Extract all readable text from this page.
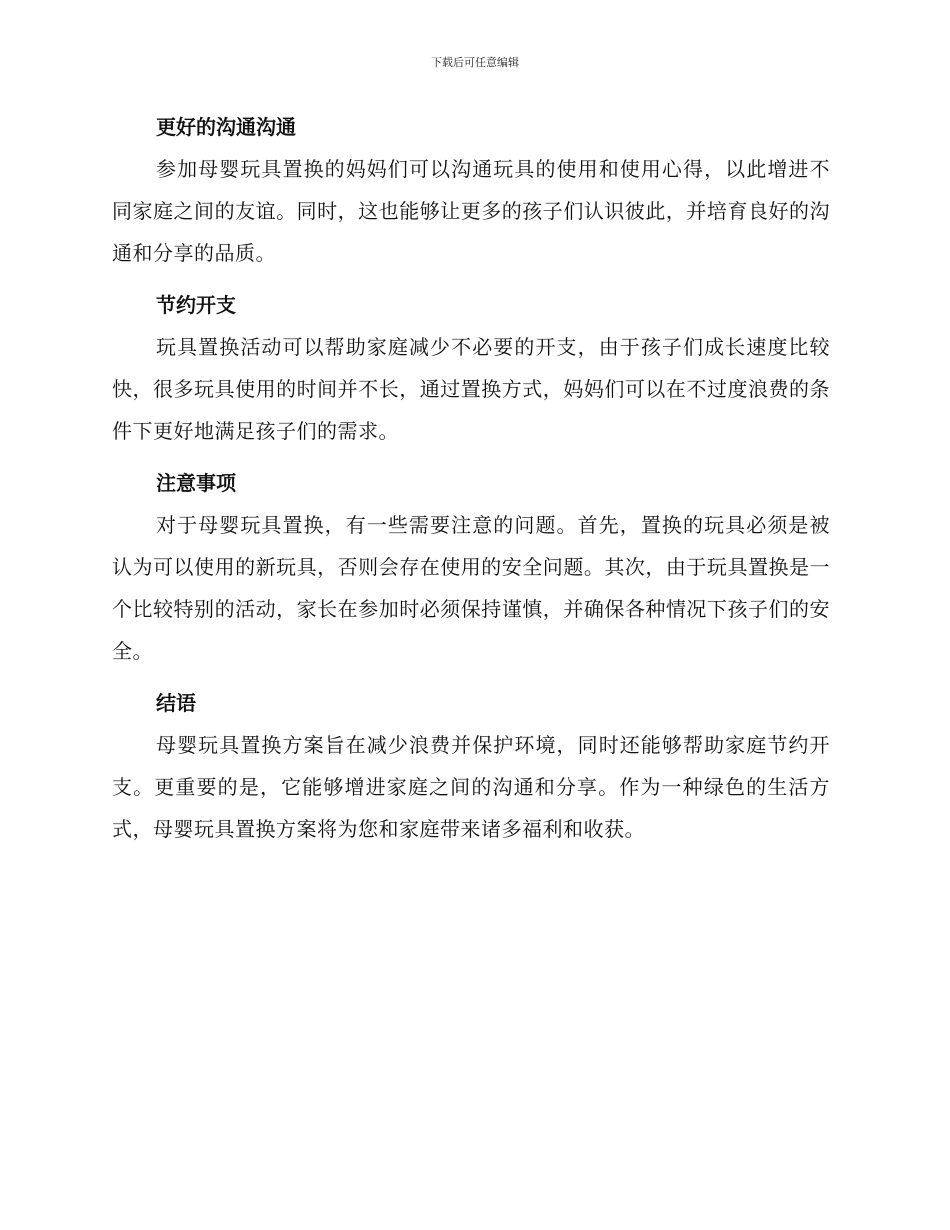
下载后可任意编辑
更好的沟通沟通

参加母婴玩具置换的妈妈们可以沟通玩具的使用和使用心得，以此增进不同家庭之间的友谊。同时，这也能够让更多的孩子们认识彼此，并培育良好的沟通和分享的品质。

节约开支

玩具置换活动可以帮助家庭减少不必要的开支，由于孩子们成长速度比较快，很多玩具使用的时间并不长，通过置换方式，妈妈们可以在不过度浪费的条件下更好地满足孩子们的需求。

注意事项

对于母婴玩具置换，有一些需要注意的问题。首先，置换的玩具必须是被认为可以使用的新玩具，否则会存在使用的安全问题。其次，由于玩具置换是一个比较特别的活动，家长在参加时必须保持谨慎，并确保各种情况下孩子们的安全。

结语

母婴玩具置换方案旨在减少浪费并保护环境，同时还能够帮助家庭节约开支。更重要的是，它能够增进家庭之间的沟通和分享。作为一种绿色的生活方式，母婴玩具置换方案将为您和家庭带来诸多福利和收获。
